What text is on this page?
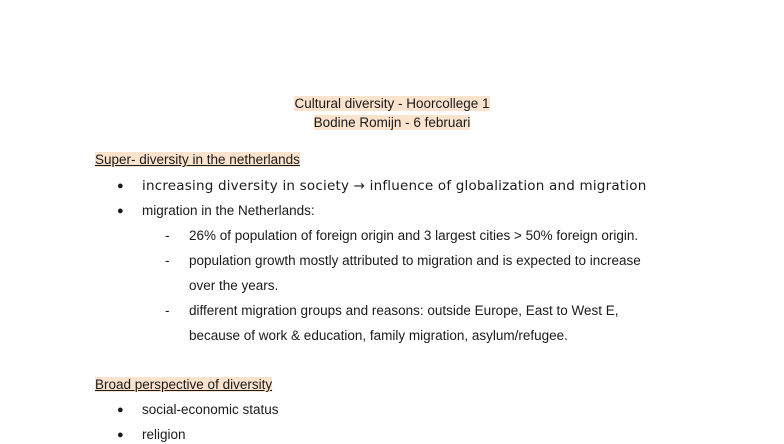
Cultural diversity - Hoorcollege 1
Bodine Romijn - 6 februari
Super- diversity in the netherlands
● increasing diversity in society → influence of globalization and migration
● migration in the Netherlands:
- 26% of population of foreign origin and 3 largest cities > 50% foreign origin.
- population growth mostly attributed to migration and is expected to increase
over the years.
- different migration groups and reasons: outside Europe, East to West E,
because of work & education, family migration, asylum/refugee.
Broad perspective of diversity
● social-economic status
● religion
